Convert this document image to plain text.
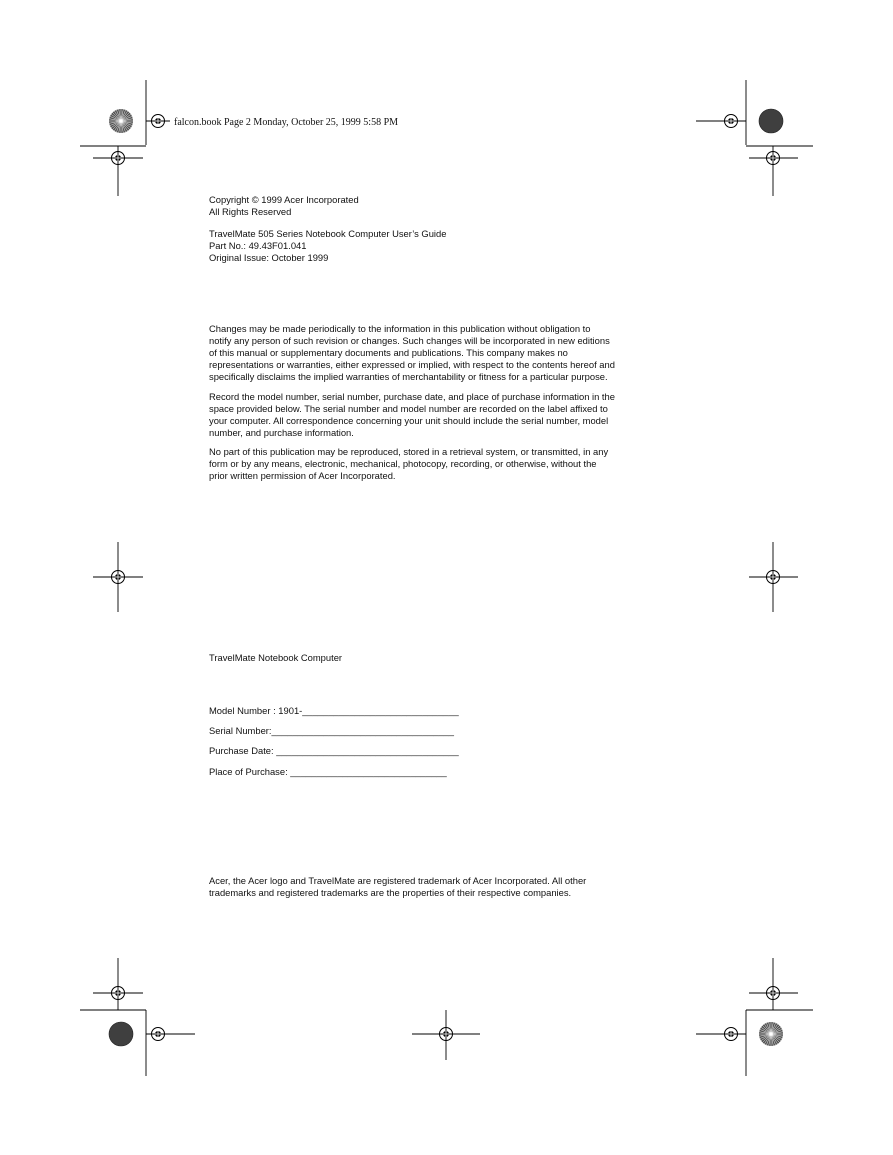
falcon.book Page 2 Monday, October 25, 1999 5:58 PM

Copyright © 1999 Acer Incorporated

All Rights Reserved

TravelMate 505 Series Notebook Computer User’s Guide

Part No.: 49.43F01.041

Original Issue: October 1999

Changes may be made periodically to the information in this publication without obligation to

notify any person of such revision or changes. Such changes will be incorporated in new editions

of this manual or supplementary documents and publications. This company makes no

representations or warranties, either expressed or implied, with respect to the contents hereof and

specifically disclaims the implied warranties of merchantability or fitness for a particular purpose.

Record the model number, serial number, purchase date, and place of purchase information in the

space provided below. The serial number and model number are recorded on the label affixed to

your computer. All correspondence concerning your unit should include the serial number, model

number, and purchase information.

No part of this publication may be reproduced, stored in a retrieval system, or transmitted, in any

form or by any means, electronic, mechanical, photocopy, recording, or otherwise, without the

prior written permission of Acer Incorporated.

TravelMate Notebook Computer
Model Number : 1901-______________________________
Serial Number:___________________________________
Purchase Date: ___________________________________
Place of Purchase: ______________________________

Acer, the Acer logo and TravelMate are registered trademark of Acer Incorporated. All other

trademarks and registered trademarks are the properties of their respective companies.
